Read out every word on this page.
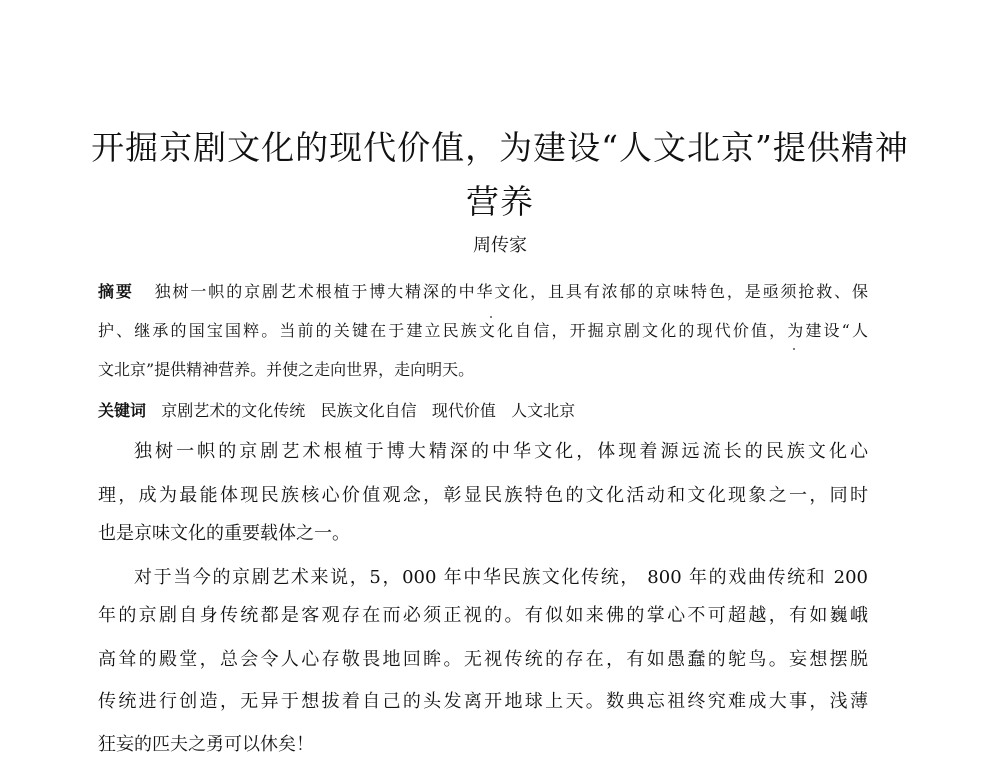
开掘京剧文化的现代价值，为建设“人文北京”提供精神
营养
周传家
摘要 独树一帜的京剧艺术根植于博大精深的中华文化，且具有浓郁的京味特色，是亟须抢救、保
护、继承的国宝国粹。当前的关键在于建立民族文化自信，开掘京剧文化的现代价值，为建设“人
文北京”提供精神营养。并使之走向世界，走向明天。
关键词 京剧艺术的文化传统 民族文化自信 现代价值 人文北京
独树一帜的京剧艺术根植于博大精深的中华文化，体现着源远流长的民族文化心
理，成为最能体现民族核心价值观念，彰显民族特色的文化活动和文化现象之一，同时
也是京味文化的重要载体之一。
对于当今的京剧艺术来说，5，000 年中华民族文化传统， 800 年的戏曲传统和 200
年的京剧自身传统都是客观存在而必须正视的。有似如来佛的掌心不可超越，有如巍峨
高耸的殿堂，总会令人心存敬畏地回眸。无视传统的存在，有如愚蠢的鸵鸟。妄想摆脱
传统进行创造，无异于想拔着自己的头发离开地球上天。数典忘祖终究难成大事，浅薄
狂妄的匹夫之勇可以休矣！
